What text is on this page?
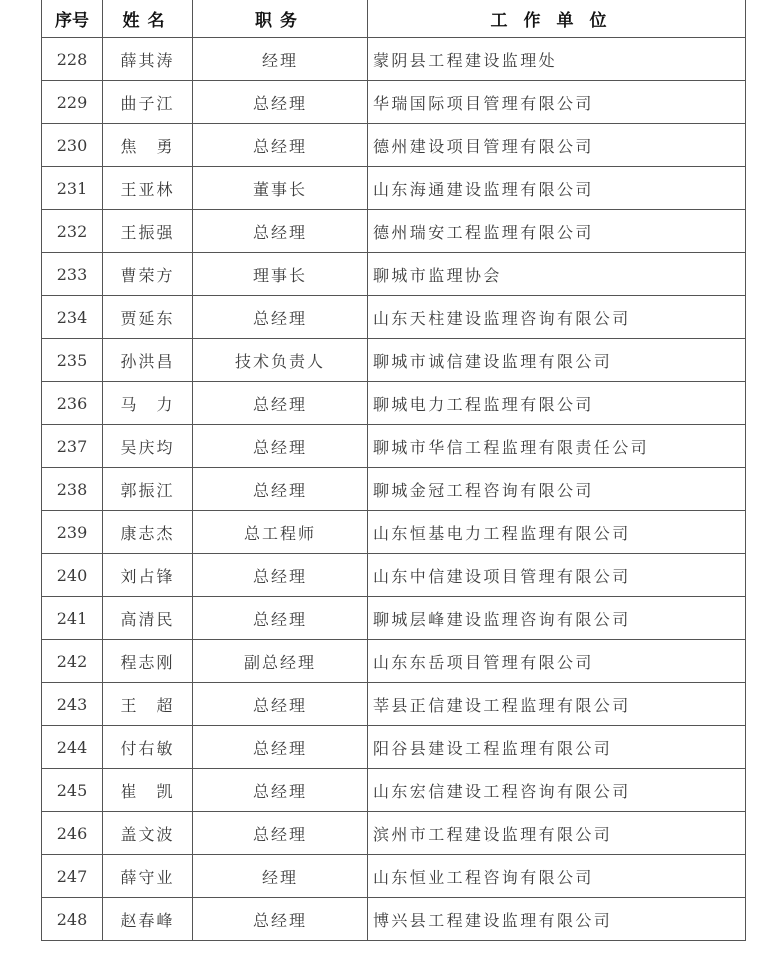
序号	姓名	职务	工作单位
228	薛其涛	经理	蒙阴县工程建设监理处
229	曲子江	总经理	华瑞国际项目管理有限公司
230	焦　勇	总经理	德州建设项目管理有限公司
231	王亚林	董事长	山东海通建设监理有限公司
232	王振强	总经理	德州瑞安工程监理有限公司
233	曹荣方	理事长	聊城市监理协会
234	贾延东	总经理	山东天柱建设监理咨询有限公司
235	孙洪昌	技术负责人	聊城市诚信建设监理有限公司
236	马　力	总经理	聊城电力工程监理有限公司
237	吴庆均	总经理	聊城市华信工程监理有限责任公司
238	郭振江	总经理	聊城金冠工程咨询有限公司
239	康志杰	总工程师	山东恒基电力工程监理有限公司
240	刘占锋	总经理	山东中信建设项目管理有限公司
241	高清民	总经理	聊城层峰建设监理咨询有限公司
242	程志刚	副总经理	山东东岳项目管理有限公司
243	王　超	总经理	莘县正信建设工程监理有限公司
244	付右敏	总经理	阳谷县建设工程监理有限公司
245	崔　凯	总经理	山东宏信建设工程咨询有限公司
246	盖文波	总经理	滨州市工程建设监理有限公司
247	薛守业	经理	山东恒业工程咨询有限公司
248	赵春峰	总经理	博兴县工程建设监理有限公司
